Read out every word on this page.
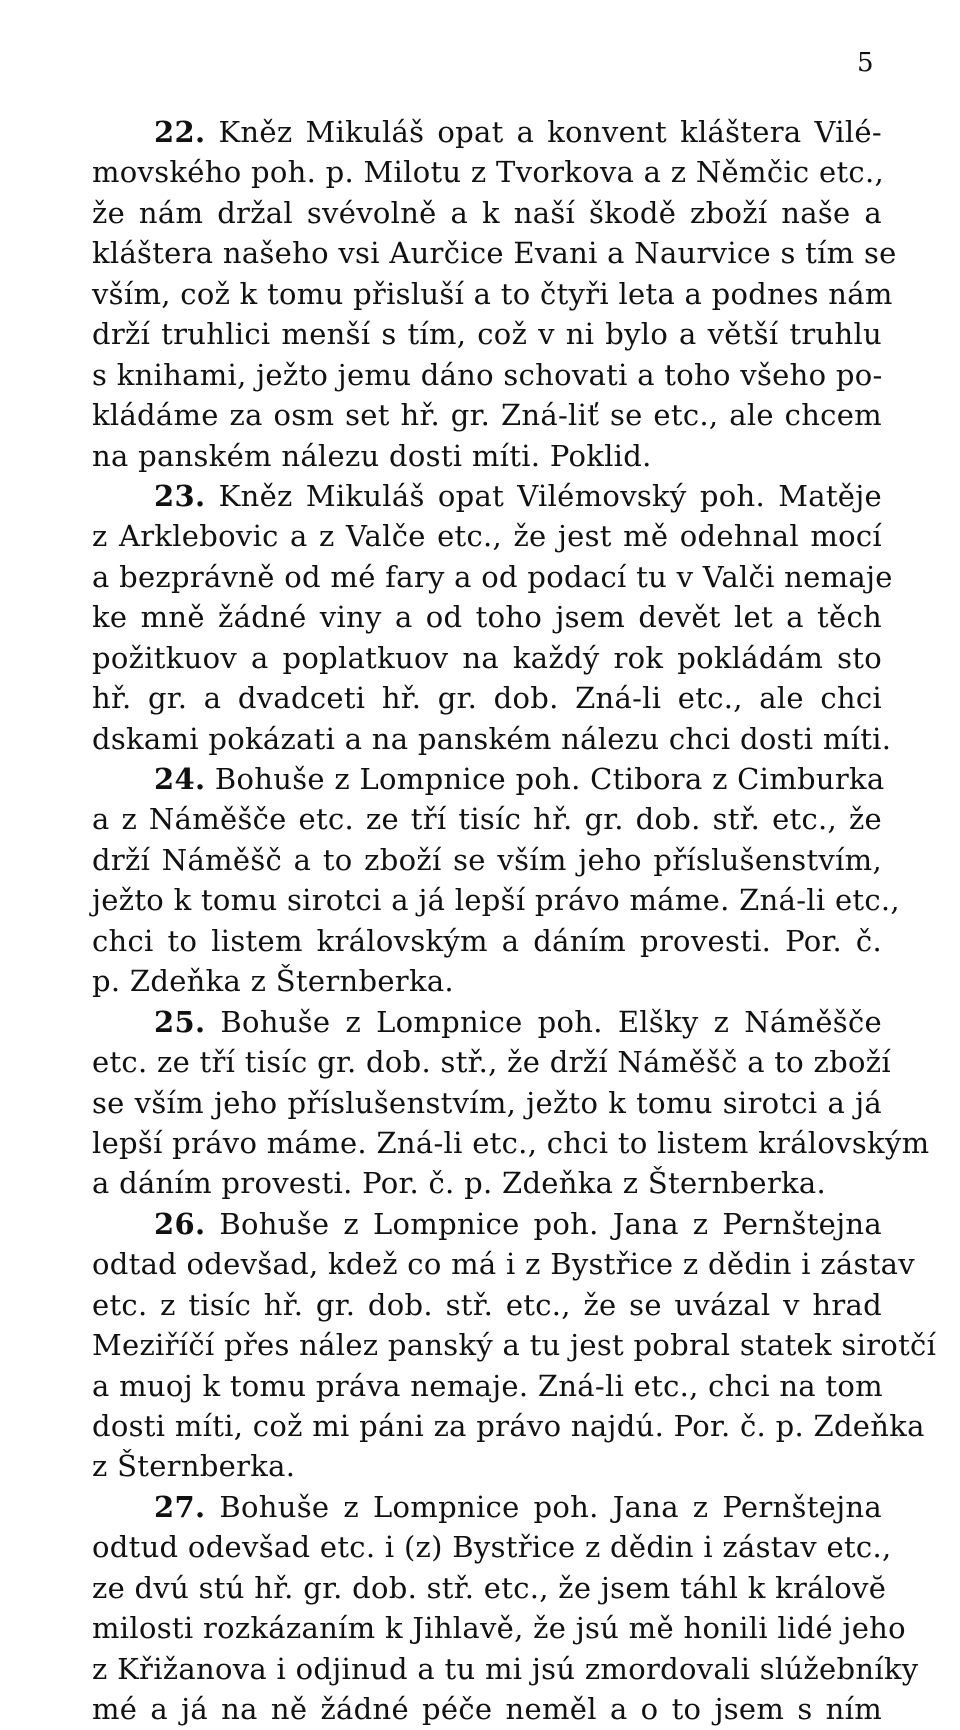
5
22. Kněz Mikuláš opat a konvent kláštera Vilé-
movského poh. p. Milotu z Tvorkova a z Němčic etc.,
že nám držal svévolně a k naší škodě zboží naše a
kláštera našeho vsi Aurčice Evani a Naurvice s tím se
vším, což k tomu přisluší a to čtyři leta a podnes nám
drží truhlici menší s tím, což v ni bylo a větší truhlu
s knihami, ježto jemu dáno schovati a toho všeho po-
kládáme za osm set hř. gr. Zná-liť se etc., ale chcem
na panském nálezu dosti míti. Poklid.
23. Kněz Mikuláš opat Vilémovský poh. Matěje
z Arklebovic a z Valče etc., že jest mě odehnal mocí
a bezprávně od mé fary a od podací tu v Valči nemaje
ke mně žádné viny a od toho jsem devět let a těch
požitkuov a poplatkuov na každý rok pokládám sto
hř. gr. a dvadceti hř. gr. dob. Zná-li etc., ale chci
dskami pokázati a na panském nálezu chci dosti míti.
24. Bohuše z Lompnice poh. Ctibora z Cimburka
a z Náměšče etc. ze tří tisíc hř. gr. dob. stř. etc., že
drží Náměšč a to zboží se vším jeho příslušenstvím,
ježto k tomu sirotci a já lepší právo máme. Zná-li etc.,
chci to listem královským a dáním provesti. Por. č.
p. Zdeňka z Šternberka.
25. Bohuše z Lompnice poh. Elšky z Náměšče
etc. ze tří tisíc gr. dob. stř., že drží Náměšč a to zboží
se vším jeho příslušenstvím, ježto k tomu sirotci a já
lepší právo máme. Zná-li etc., chci to listem královským
a dáním provesti. Por. č. p. Zdeňka z Šternberka.
26. Bohuše z Lompnice poh. Jana z Pernštejna
odtad odevšad, kdež co má i z Bystřice z dědin i zástav
etc. z tisíc hř. gr. dob. stř. etc., že se uvázal v hrad
Meziříčí přes nález panský a tu jest pobral statek sirotčí
a muoj k tomu práva nemaje. Zná-li etc., chci na tom
dosti míti, což mi páni za právo najdú. Por. č. p. Zdeňka
z Šternberka.
27. Bohuše z Lompnice poh. Jana z Pernštejna
odtud odevšad etc. i (z) Bystřice z dědin i zástav etc.,
ze dvú stú hř. gr. dob. stř. etc., že jsem táhl k královĕ
milosti rozkázaním k Jihlavě, že jsú mě honili lidé jeho
z Křižanova i odjinud a tu mi jsú zmordovali slúžebníky
mé a já na ně žádné péče neměl a o to jsem s ním
